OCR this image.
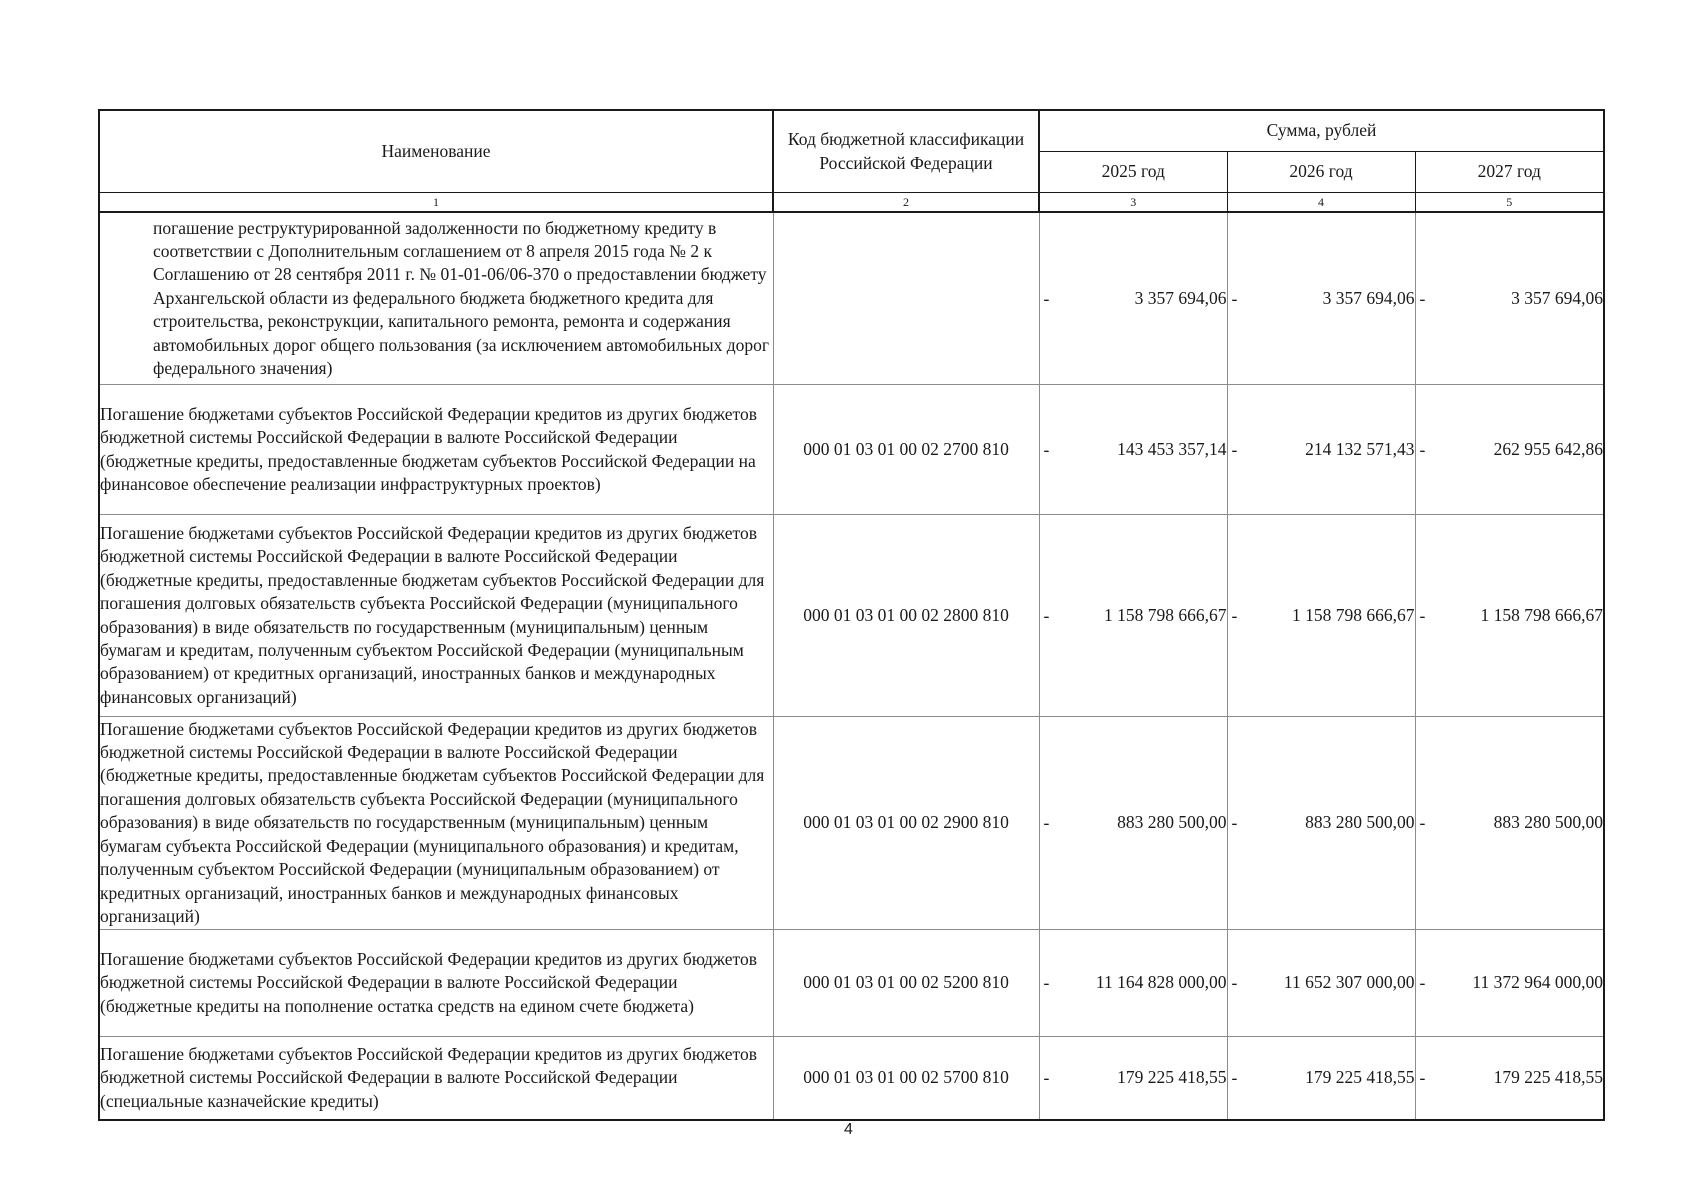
Наименование	Код бюджетной классификации Российской Федерации	Сумма, рублей		
		2025 год	2026 год	2027 год
1	2	3	4	5
погашение реструктурированной задолженности по бюджетному кредиту в соответствии с Дополнительным соглашением от 8 апреля 2015 года № 2 к Соглашению от 28 сентября 2011 г. № 01-01-06/06-370 о предоставлении бюджету Архангельской области из федерального бюджета бюджетного кредита для строительства, реконструкции, капитального ремонта, ремонта и содержания автомобильных дорог общего пользования (за исключением автомобильных дорог федерального значения)		- 3 357 694,06	- 3 357 694,06	- 3 357 694,06
Погашение бюджетами субъектов Российской Федерации кредитов из других бюджетов бюджетной системы Российской Федерации в валюте Российской Федерации (бюджетные кредиты, предоставленные бюджетам субъектов Российской Федерации на финансовое обеспечение реализации инфраструктурных проектов)	000 01 03 01 00 02 2700 810	- 143 453 357,14	- 214 132 571,43	- 262 955 642,86
Погашение бюджетами субъектов Российской Федерации кредитов из других бюджетов бюджетной системы Российской Федерации в валюте Российской Федерации (бюджетные кредиты, предоставленные бюджетам субъектов Российской Федерации для погашения долговых обязательств субъекта Российской Федерации (муниципального образования) в виде обязательств по государственным (муниципальным) ценным бумагам и кредитам, полученным субъектом Российской Федерации (муниципальным образованием) от кредитных организаций, иностранных банков и международных финансовых организаций)	000 01 03 01 00 02 2800 810	- 1 158 798 666,67	- 1 158 798 666,67	- 1 158 798 666,67
Погашение бюджетами субъектов Российской Федерации кредитов из других бюджетов бюджетной системы Российской Федерации в валюте Российской Федерации (бюджетные кредиты, предоставленные бюджетам субъектов Российской Федерации для погашения долговых обязательств субъекта Российской Федерации (муниципального образования) в виде обязательств по государственным (муниципальным) ценным бумагам субъекта Российской Федерации (муниципального образования) и кредитам, полученным субъектом Российской Федерации (муниципальным образованием) от кредитных организаций, иностранных банков и международных финансовых организаций)	000 01 03 01 00 02 2900 810	- 883 280 500,00	- 883 280 500,00	- 883 280 500,00
Погашение бюджетами субъектов Российской Федерации кредитов из других бюджетов бюджетной системы Российской Федерации в валюте Российской Федерации (бюджетные кредиты на пополнение остатка средств на едином счете бюджета)	000 01 03 01 00 02 5200 810	- 11 164 828 000,00	- 11 652 307 000,00	- 11 372 964 000,00
Погашение бюджетами субъектов Российской Федерации кредитов из других бюджетов бюджетной системы Российской Федерации в валюте Российской Федерации (специальные казначейские кредиты)	000 01 03 01 00 02 5700 810	- 179 225 418,55	- 179 225 418,55	- 179 225 418,55
4
